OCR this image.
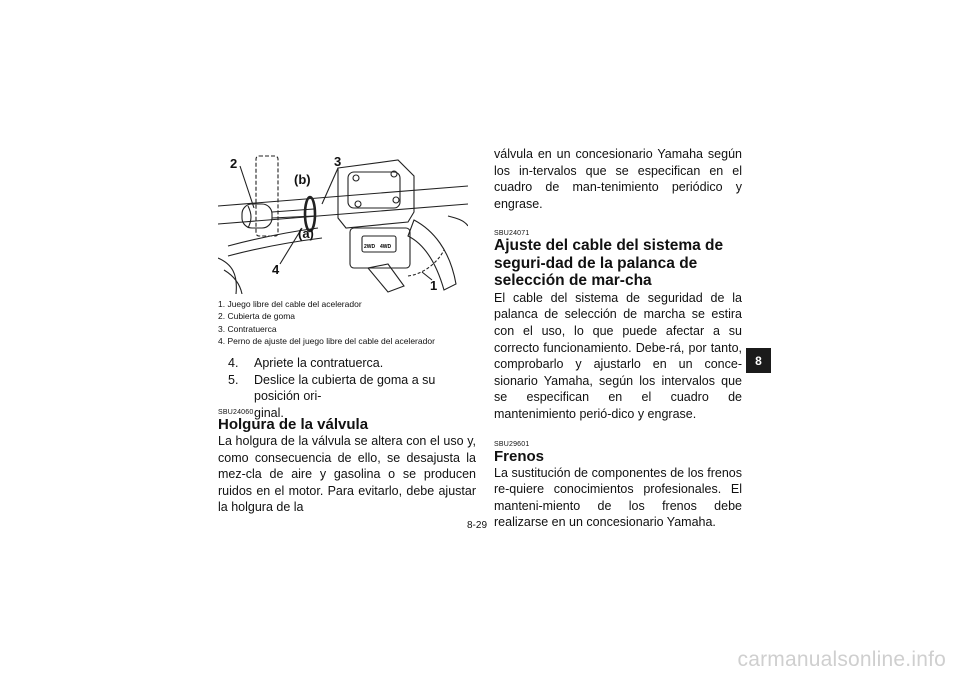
2WD 4WD
2	3
(b)
(a)
4
1
1. Juego libre del cable del acelerador
2. Cubierta de goma
3. Contratuerca
4. Perno de ajuste del juego libre del cable del acelerador
4. Apriete la contratuerca.
5. Deslice la cubierta de goma a su posición ori-
ginal.
SBU24060
Holgura de la válvula
La holgura de la válvula se altera con el uso y, como consecuencia de ello, se desajusta la mez-cla de aire y gasolina o se producen ruidos en el motor. Para evitarlo, debe ajustar la holgura de la
válvula en un concesionario Yamaha según los in-tervalos que se especifican en el cuadro de man-tenimiento periódico y engrase.
SBU24071
Ajuste del cable del sistema de seguri-dad de la palanca de selección de mar-cha
El cable del sistema de seguridad de la palanca de selección de marcha se estira con el uso, lo que puede afectar a su correcto funcionamiento. Debe-rá, por tanto, comprobarlo y ajustarlo en un conce-sionario Yamaha, según los intervalos que se especifican en el cuadro de mantenimiento perió-dico y engrase.
SBU29601
Frenos
La sustitución de componentes de los frenos re-quiere conocimientos profesionales. El manteni-miento de los frenos debe realizarse en un concesionario Yamaha.
8
8-29
carmanualsonline.info
